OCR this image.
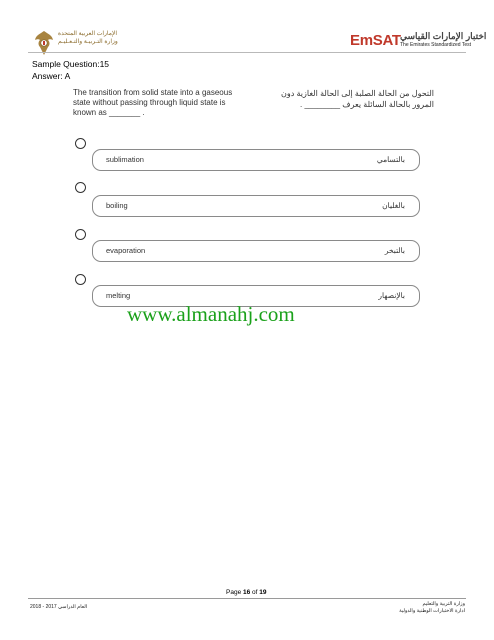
الإمارات العربية المتحدة
وزارة التـربيـة والتـعـليـم	EmSAT اختبار الإمارات القياسي
The Emirates Standardized Test
Sample Question:15
Answer: A
The transition from solid state into a gaseous state without passing through liquid state is known as _______ .
التحول من الحالة الصلبة إلى الحالة الغازية دون المرور بالحالة السائلة يعرف ________ .
sublimation	بالتسامي
boiling	بالغليان
evaporation	بالتبخر
melting	بالإنصهار
www.almanahj.com
Page 16 of 19
العام الدراسي 2017 - 2018	وزارة التربية والتعليم
ادارة الاختبارات الوطنية والدولية
